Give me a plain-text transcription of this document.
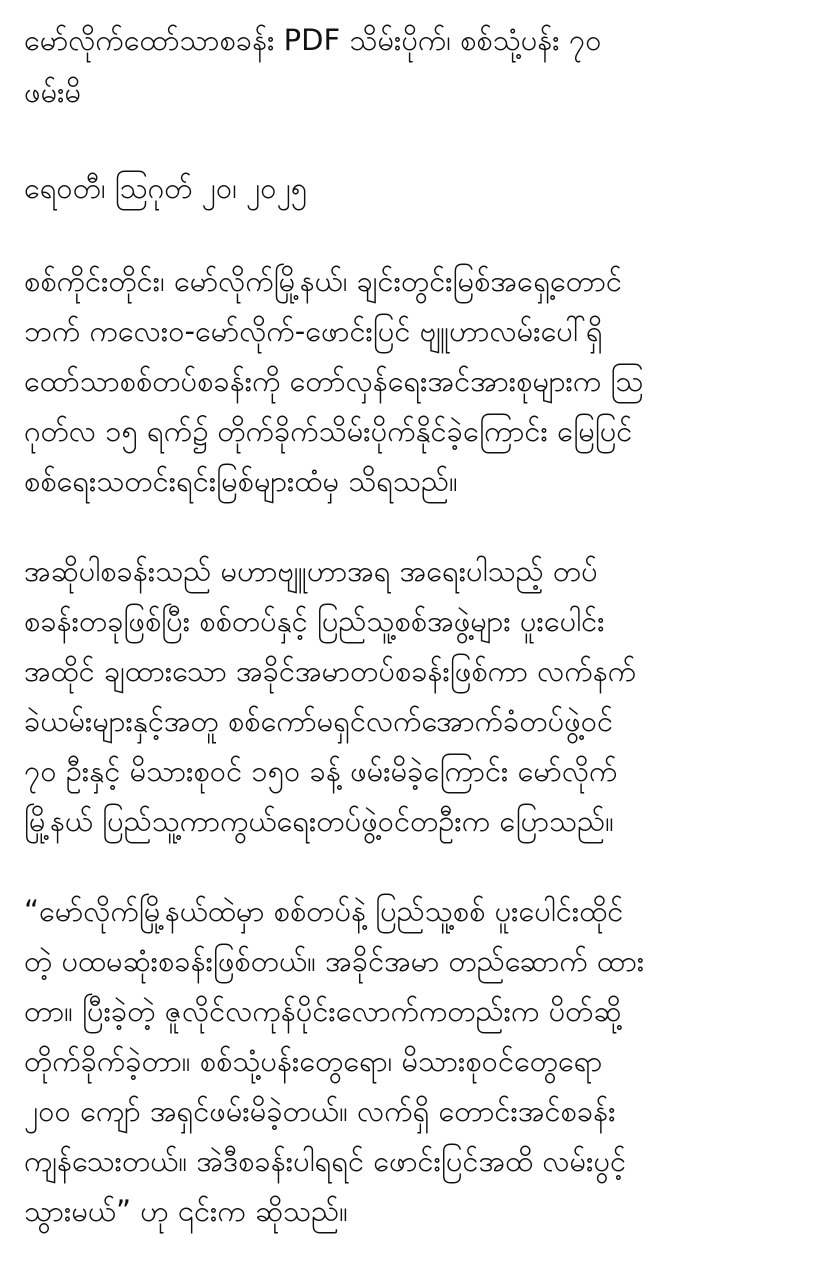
မော်လိုက်ထော်သာစခန်း PDF သိမ်းပိုက်၊ စစ်သုံ့ပန်း ၇၀
ဖမ်းမိ
ရေ၀တီ၊ ဩဂုတ် ၂၀၊ ၂၀၂၅

စစ်ကိုင်းတိုင်း၊ မော်လိုက်မြို့နယ်၊ ချင်းတွင်းမြစ်အရှေ့တောင်
ဘက် ကလေး၀-မော်လိုက်-ဖောင်းပြင် ဗျူဟာလမ်းပေါ်ရှိ
ထော်သာစစ်တပ်စခန်းကို တော်လှန်ရေးအင်အားစုများက ဩ
ဂုတ်လ ၁၅ ရက်၌ တိုက်ခိုက်သိမ်းပိုက်နိုင်ခဲ့ကြောင်း မြေပြင်
စစ်ရေးသတင်းရင်းမြစ်များထံမှ သိရသည်။

အဆိုပါစခန်းသည် မဟာဗျူဟာအရ အရေးပါသည့် တပ်
စခန်းတခုဖြစ်ပြီး စစ်တပ်နှင့် ပြည်သူ့စစ်အဖွဲ့များ ပူးပေါင်း
အထိုင် ချထားသော အခိုင်အမာတပ်စခန်းဖြစ်ကာ လက်နက်
ခဲယမ်းများနှင့်အတူ စစ်ကော်မရှင်လက်အောက်ခံတပ်ဖွဲ့၀င်
၇၀ ဦးနှင့် မိသားစု၀င် ၁၅၀ ခန့် ဖမ်းမိခဲ့ကြောင်း မော်လိုက်
မြို့နယ် ပြည်သူ့ကာကွယ်ရေးတပ်ဖွဲ့၀င်တဦးက ပြောသည်။

“မော်လိုက်မြို့နယ်ထဲမှာ စစ်တပ်နဲ့ ပြည်သူ့စစ် ပူးပေါင်းထိုင်
တဲ့ ပထမဆုံးစခန်းဖြစ်တယ်။ အခိုင်အမာ တည်ဆောက် ထား
တာ။ ပြီးခဲ့တဲ့ ဇူလိုင်လကုန်ပိုင်းလောက်ကတည်းက ပိတ်ဆို့
တိုက်ခိုက်ခဲ့တာ။ စစ်သုံ့ပန်းတွေရော၊ မိသားစု၀င်တွေရော
၂၀၀ ကျော် အရှင်ဖမ်းမိခဲ့တယ်။ လက်ရှိ တောင်းအင်စခန်း
ကျန်သေးတယ်။ အဲဒီစခန်းပါရရင် ဖောင်းပြင်အထိ လမ်းပွင့်
သွားမယ်” ဟု ၎င်းက ဆိုသည်။
